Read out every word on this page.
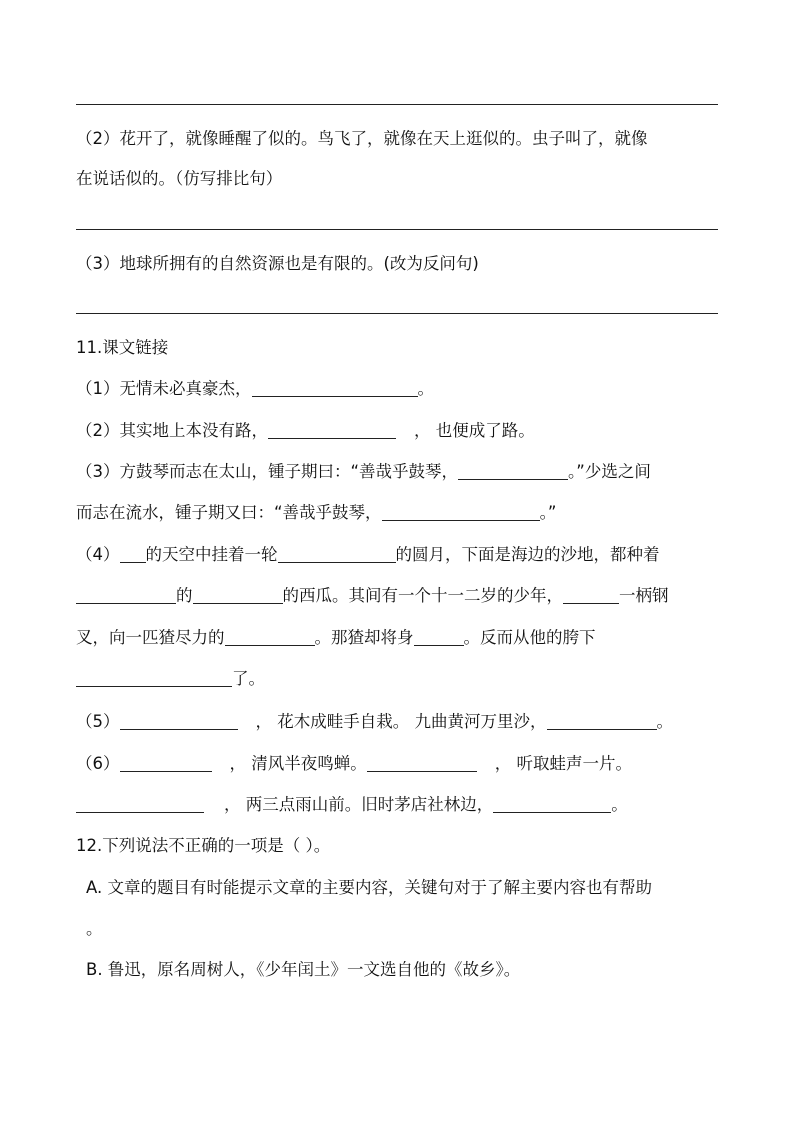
（2）花开了，就像睡醒了似的。鸟飞了，就像在天上逛似的。虫子叫了，就像
在说话似的。（仿写排比句）
（3）地球所拥有的自然资源也是有限的。(改为反问句)
11.课文链接
（1）无情未必真豪杰，	。
（2）其实地上本没有路，	， 也便成了路。
（3）方鼓琴而志在太山，锺子期曰：“善哉乎鼓琴，	。”少选之间
而志在流水，锺子期又曰：“善哉乎鼓琴，	。”
（4） 的天空中挂着一轮	的圆月，下面是海边的沙地，都种着
的	的西瓜。其间有一个十一二岁的少年，	一柄钢
叉，向一匹猹尽力的	。那猹却将身	。反而从他的胯下
了。
（5）	， 花木成畦手自栽。 九曲黄河万里沙，	。
（6）	， 清风半夜鸣蝉。	， 听取蛙声一片。
， 两三点雨山前。旧时茅店社林边，	。
12.下列说法不正确的一项是（ ）。
A. 文章的题目有时能提示文章的主要内容，关键句对于了解主要内容也有帮助
。
B. 鲁迅，原名周树人，《少年闰土》一文选自他的《故乡》。
